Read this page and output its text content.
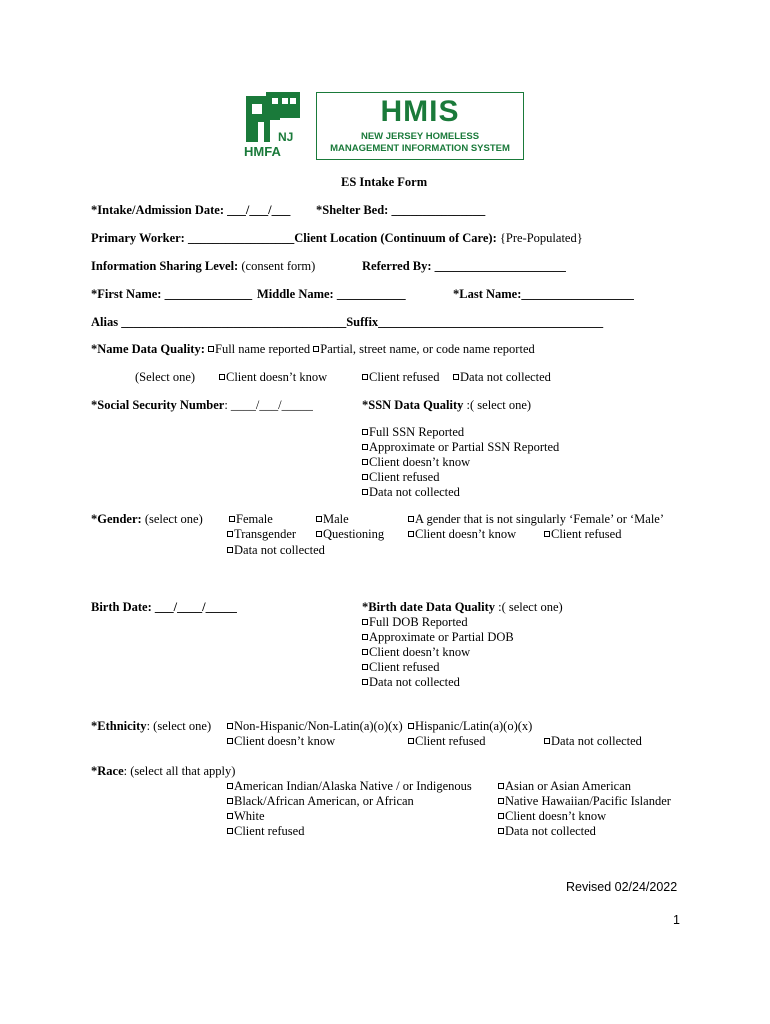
NJ
HMFA
HMIS
NEW JERSEY HOMELESS
MANAGEMENT INFORMATION SYSTEM
ES Intake Form
*Intake/Admission Date: ___/___/___ *Shelter Bed: _______________
Primary Worker: _________________Client Location (Continuum of Care): {Pre-Populated}
Information Sharing Level: (consent form)	Referred By: _____________________
*First Name: ______________ Middle Name: ___________	*Last Name:__________________
Alias ____________________________________Suffix____________________________________
*Name Data Quality: Full name reported Partial, street name, or code name reported
(Select one)	Client doesn’t know	Client refused	Data not collected
*Social Security Number: ____/___/_____	*SSN Data Quality :( select one)
Full SSN Reported
Approximate or Partial SSN Reported
Client doesn’t know
Client refused
Data not collected
*Gender: (select one)	Female	Male	A gender that is not singularly ‘Female’ or ‘Male’
Transgender	Questioning	Client doesn’t know	Client refused
Data not collected
Birth Date: ___/____/_____	*Birth date Data Quality :( select one)
Full DOB Reported
Approximate or Partial DOB
Client doesn’t know
Client refused
Data not collected
*Ethnicity: (select one)	Non-Hispanic/Non-Latin(a)(o)(x) Hispanic/Latin(a)(o)(x)
Client doesn’t know	Client refused	Data not collected
*Race: (select all that apply)
American Indian/Alaska Native / or Indigenous
Black/African American, or African
White
Client refused
Asian or Asian American
Native Hawaiian/Pacific Islander
Client doesn’t know
Data not collected
Revised 02/24/2022
1
